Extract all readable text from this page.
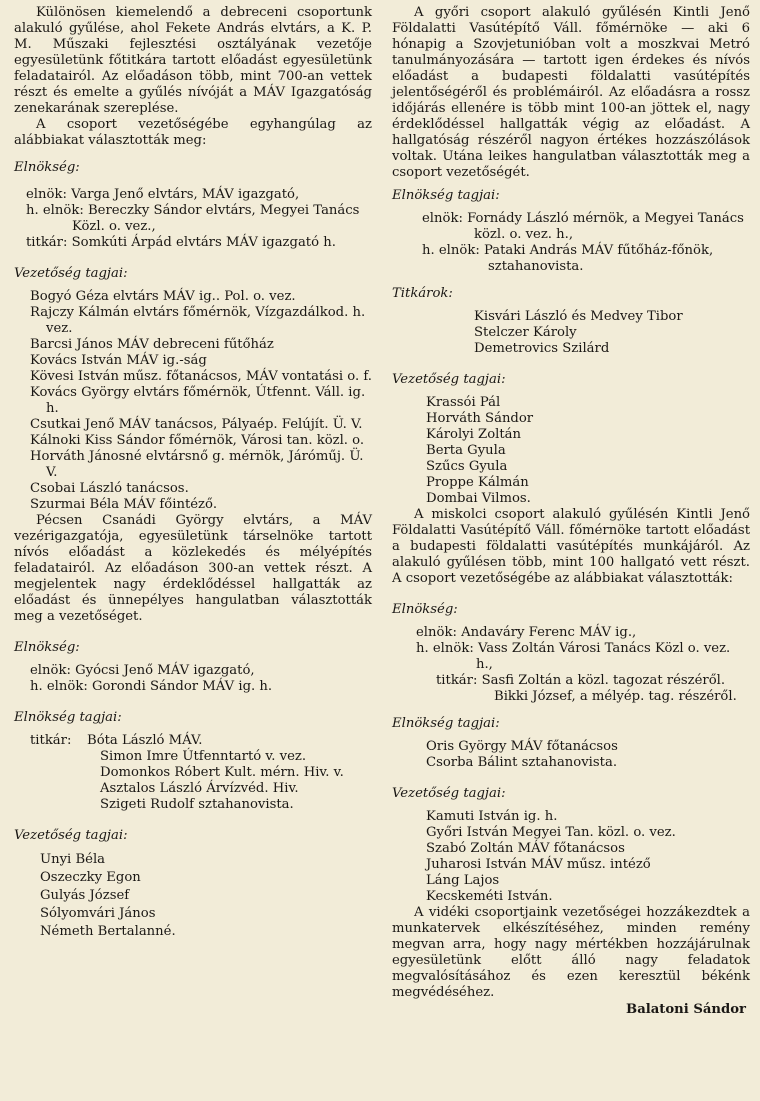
Különösen kiemelendő a debreceni csoportunk alakuló gyűlése, ahol Fekete András elvtárs, a K. P. M. Műszaki fejlesztési osztályának vezetője egyesületünk főtitkára tartott előadást egyesületünk feladatairól. Az előadáson több, mint 700-an vettek részt és emelte a gyűlés nívóját a MÁV Igazgatóság zenekarának szereplése.

A csoport vezetőségébe egyhangúlag az alábbiakat választották meg:

Elnökség:

elnök: Varga Jenő elvtárs, MÁV igazgató,

h. elnök: Bereczky Sándor elvtárs, Megyei Tanács Közl. o. vez.,

titkár: Somkúti Árpád elvtárs MÁV igazgató h.

Vezetőség tagjai:

Bogyó Géza elvtárs MÁV ig.. Pol. o. vez.

Rajczy Kálmán elvtárs főmérnök, Vízgazdálkod. h. vez.

Barcsi János MÁV debreceni fűtőház

Kovács István MÁV ig.-ság

Kövesi István műsz. főtanácsos, MÁV vontatási o. f.

Kovács György elvtárs főmérnök, Útfennt. Váll. ig. h.

Csutkai Jenő MÁV tanácsos, Pályaép. Felújít. Ü. V.

Kálnoki Kiss Sándor főmérnök, Városi tan. közl. o.

Horváth Jánosné elvtársnő g. mérnök, Járóműj. Ü. V.

Csobai László tanácsos.

Szurmai Béla MÁV főintéző.

Pécsen Csanádi György elvtárs, a MÁV vezérigazgatója, egyesületünk társelnöke tartott nívós előadást a közlekedés és mélyépítés feladatairól. Az előadáson 300-an vettek részt. A megjelentek nagy érdeklődéssel hallgatták az előadást és ünnepélyes hangulatban választották meg a vezetőséget.

Elnökség:

elnök: Gyócsi Jenő MÁV igazgató,

h. elnök: Gorondi Sándor MÁV ig. h.

Elnökség tagjai:

titkár: Bóta László MÁV.

Simon Imre Útfenntartó v. vez.

Domonkos Róbert Kult. mérn. Hiv. v.

Asztalos László Árvízvéd. Hiv.

Szigeti Rudolf sztahanovista.

Vezetőség tagjai:

Unyi Béla

Oszeczky Egon

Gulyás József

Sólyomvári János

Németh Bertalanné.

A győri csoport alakuló gyűlésén Kintli Jenő Földalatti Vasútépítő Váll. főmérnöke — aki 6 hónapig a Szovjetunióban volt a moszkvai Metró tanulmányozására — tartott igen érdekes és nívós előadást a budapesti földalatti vasútépítés jelentőségéről és problémáiról. Az előadásra a rossz időjárás ellenére is több mint 100-an jöttek el, nagy érdeklődéssel hallgatták végig az előadást. A hallgatóság részéről nagyon értékes hozzászólások voltak. Utána leikes hangulatban választották meg a csoport vezetőségét.

Elnökség tagjai:

elnök: Fornády László mérnök, a Megyei Tanács közl. o. vez. h.,

h. elnök: Pataki András MÁV fűtőház-főnök, sztahanovista.

Titkárok:

Kisvári László és Medvey Tibor

Stelczer Károly

Demetrovics Szilárd

Vezetőség tagjai:

Krassói Pál

Horváth Sándor

Károlyi Zoltán

Berta Gyula

Szűcs Gyula

Proppe Kálmán

Dombai Vilmos.

A miskolci csoport alakuló gyűlésén Kintli Jenő Földalatti Vasútépítő Váll. főmérnöke tartott előadást a budapesti földalatti vasútépítés munkájáról. Az alakuló gyűlésen több, mint 100 hallgató vett részt. A csoport vezetőségébe az alábbiakat választották:

Elnökség:

elnök: Andaváry Ferenc MÁV ig.,

h. elnök: Vass Zoltán Városi Tanács Közl o. vez. h.,

titkár: Sasfi Zoltán a közl. tagozat részéről.

Bikki József, a mélyép. tag. részéről.

Elnökség tagjai:

Oris György MÁV főtanácsos

Csorba Bálint sztahanovista.

Vezetőség tagjai:

Kamuti István ig. h.

Győri István Megyei Tan. közl. o. vez.

Szabó Zoltán MÁV főtanácsos

Juharosi István MÁV műsz. intéző

Láng Lajos

Kecskeméti István.

A vidéki csoportjaink vezetőségei hozzákezdtek a munkatervek elkészítéséhez, minden remény megvan arra, hogy nagy mértékben hozzájárulnak egyesületünk előtt álló nagy feladatok megvalósításához és ezen keresztül békénk megvédéséhez.

Balatoni Sándor
